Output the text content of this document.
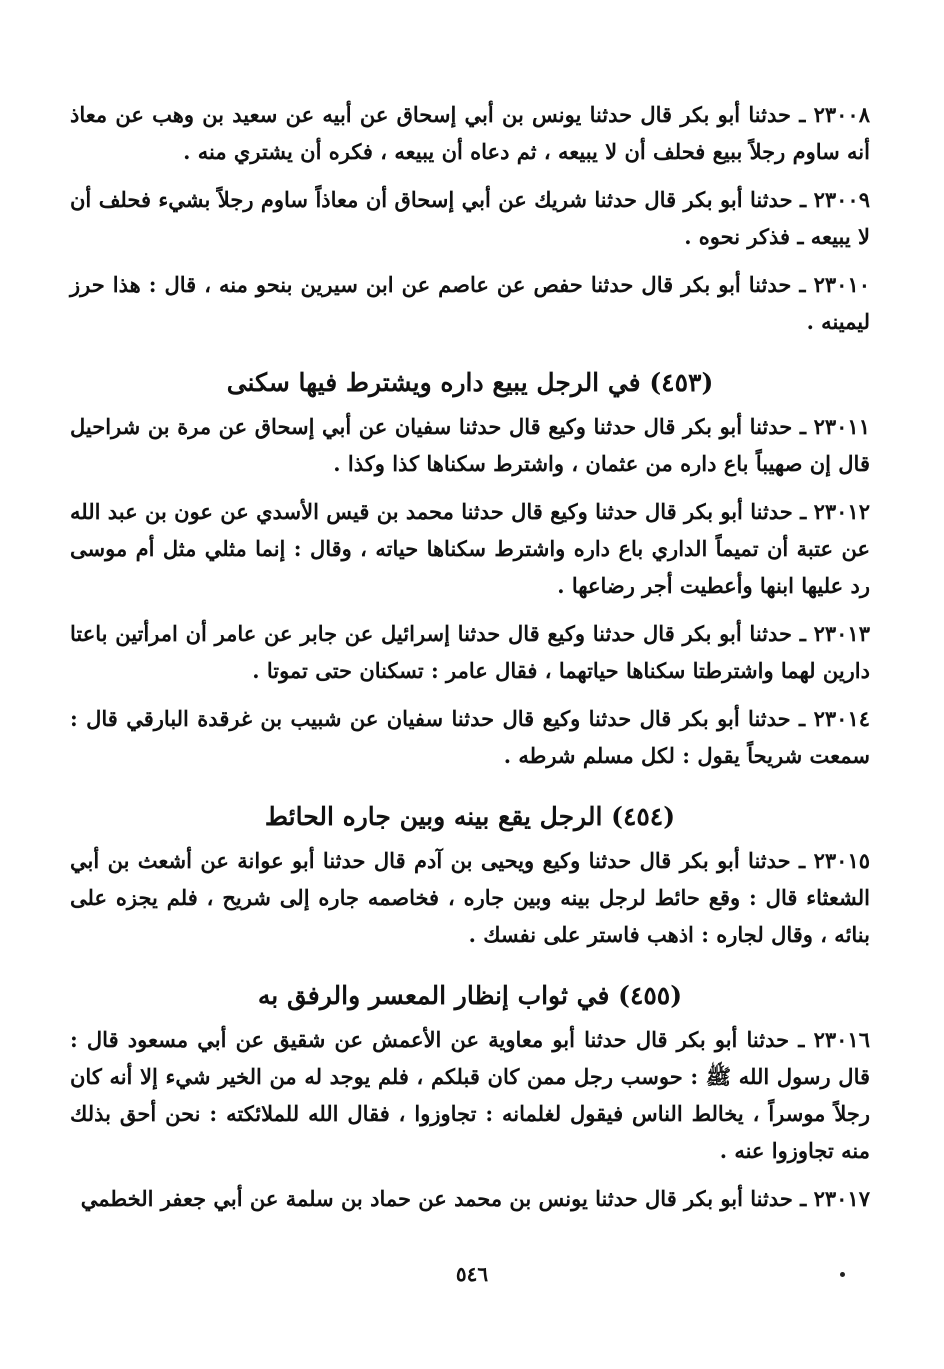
٢٣٠٠٨ ـ حدثنا أبو بكر قال حدثنا يونس بن أبي إسحاق عن أبيه عن سعيد بن وهب عن معاذ أنه ساوم رجلاً ببيع فحلف أن لا يبيعه ، ثم دعاه أن يبيعه ، فكره أن يشتري منه .

٢٣٠٠٩ ـ حدثنا أبو بكر قال حدثنا شريك عن أبي إسحاق أن معاذاً ساوم رجلاً بشيء فحلف أن لا يبيعه ـ فذكر نحوه .

٢٣٠١٠ ـ حدثنا أبو بكر قال حدثنا حفص عن عاصم عن ابن سيرين بنحو منه ، قال : هذا حرز ليمينه .

(٤٥٣) في الرجل يبيع داره ويشترط فيها سكنى

٢٣٠١١ ـ حدثنا أبو بكر قال حدثنا وكيع قال حدثنا سفيان عن أبي إسحاق عن مرة بن شراحيل قال إن صهيباً باع داره من عثمان ، واشترط سكناها كذا وكذا .

٢٣٠١٢ ـ حدثنا أبو بكر قال حدثنا وكيع قال حدثنا محمد بن قيس الأسدي عن عون بن عبد الله عن عتبة أن تميماً الداري باع داره واشترط سكناها حياته ، وقال : إنما مثلي مثل أم موسى رد عليها ابنها وأعطيت أجر رضاعها .

٢٣٠١٣ ـ حدثنا أبو بكر قال حدثنا وكيع قال حدثنا إسرائيل عن جابر عن عامر أن امرأتين باعتا دارين لهما واشترطتا سكناها حياتهما ، فقال عامر : تسكنان حتى تموتا .

٢٣٠١٤ ـ حدثنا أبو بكر قال حدثنا وكيع قال حدثنا سفيان عن شبيب بن غرقدة البارقي قال : سمعت شريحاً يقول : لكل مسلم شرطه .

(٤٥٤) الرجل يقع بينه وبين جاره الحائط

٢٣٠١٥ ـ حدثنا أبو بكر قال حدثنا وكيع ويحيى بن آدم قال حدثنا أبو عوانة عن أشعث بن أبي الشعثاء قال : وقع حائط لرجل بينه وبين جاره ، فخاصمه جاره إلى شريح ، فلم يجزه على بنائه ، وقال لجاره : اذهب فاستر على نفسك .

(٤٥٥) في ثواب إنظار المعسر والرفق به

٢٣٠١٦ ـ حدثنا أبو بكر قال حدثنا أبو معاوية عن الأعمش عن شقيق عن أبي مسعود قال : قال رسول الله ﷺ : حوسب رجل ممن كان قبلكم ، فلم يوجد له من الخير شيء إلا أنه كان رجلاً موسراً ، يخالط الناس فيقول لغلمانه : تجاوزوا ، فقال الله للملائكته : نحن أحق بذلك منه تجاوزوا عنه .

٢٣٠١٧ ـ حدثنا أبو بكر قال حدثنا يونس بن محمد عن حماد بن سلمة عن أبي جعفر الخطمي

٥٤٦
